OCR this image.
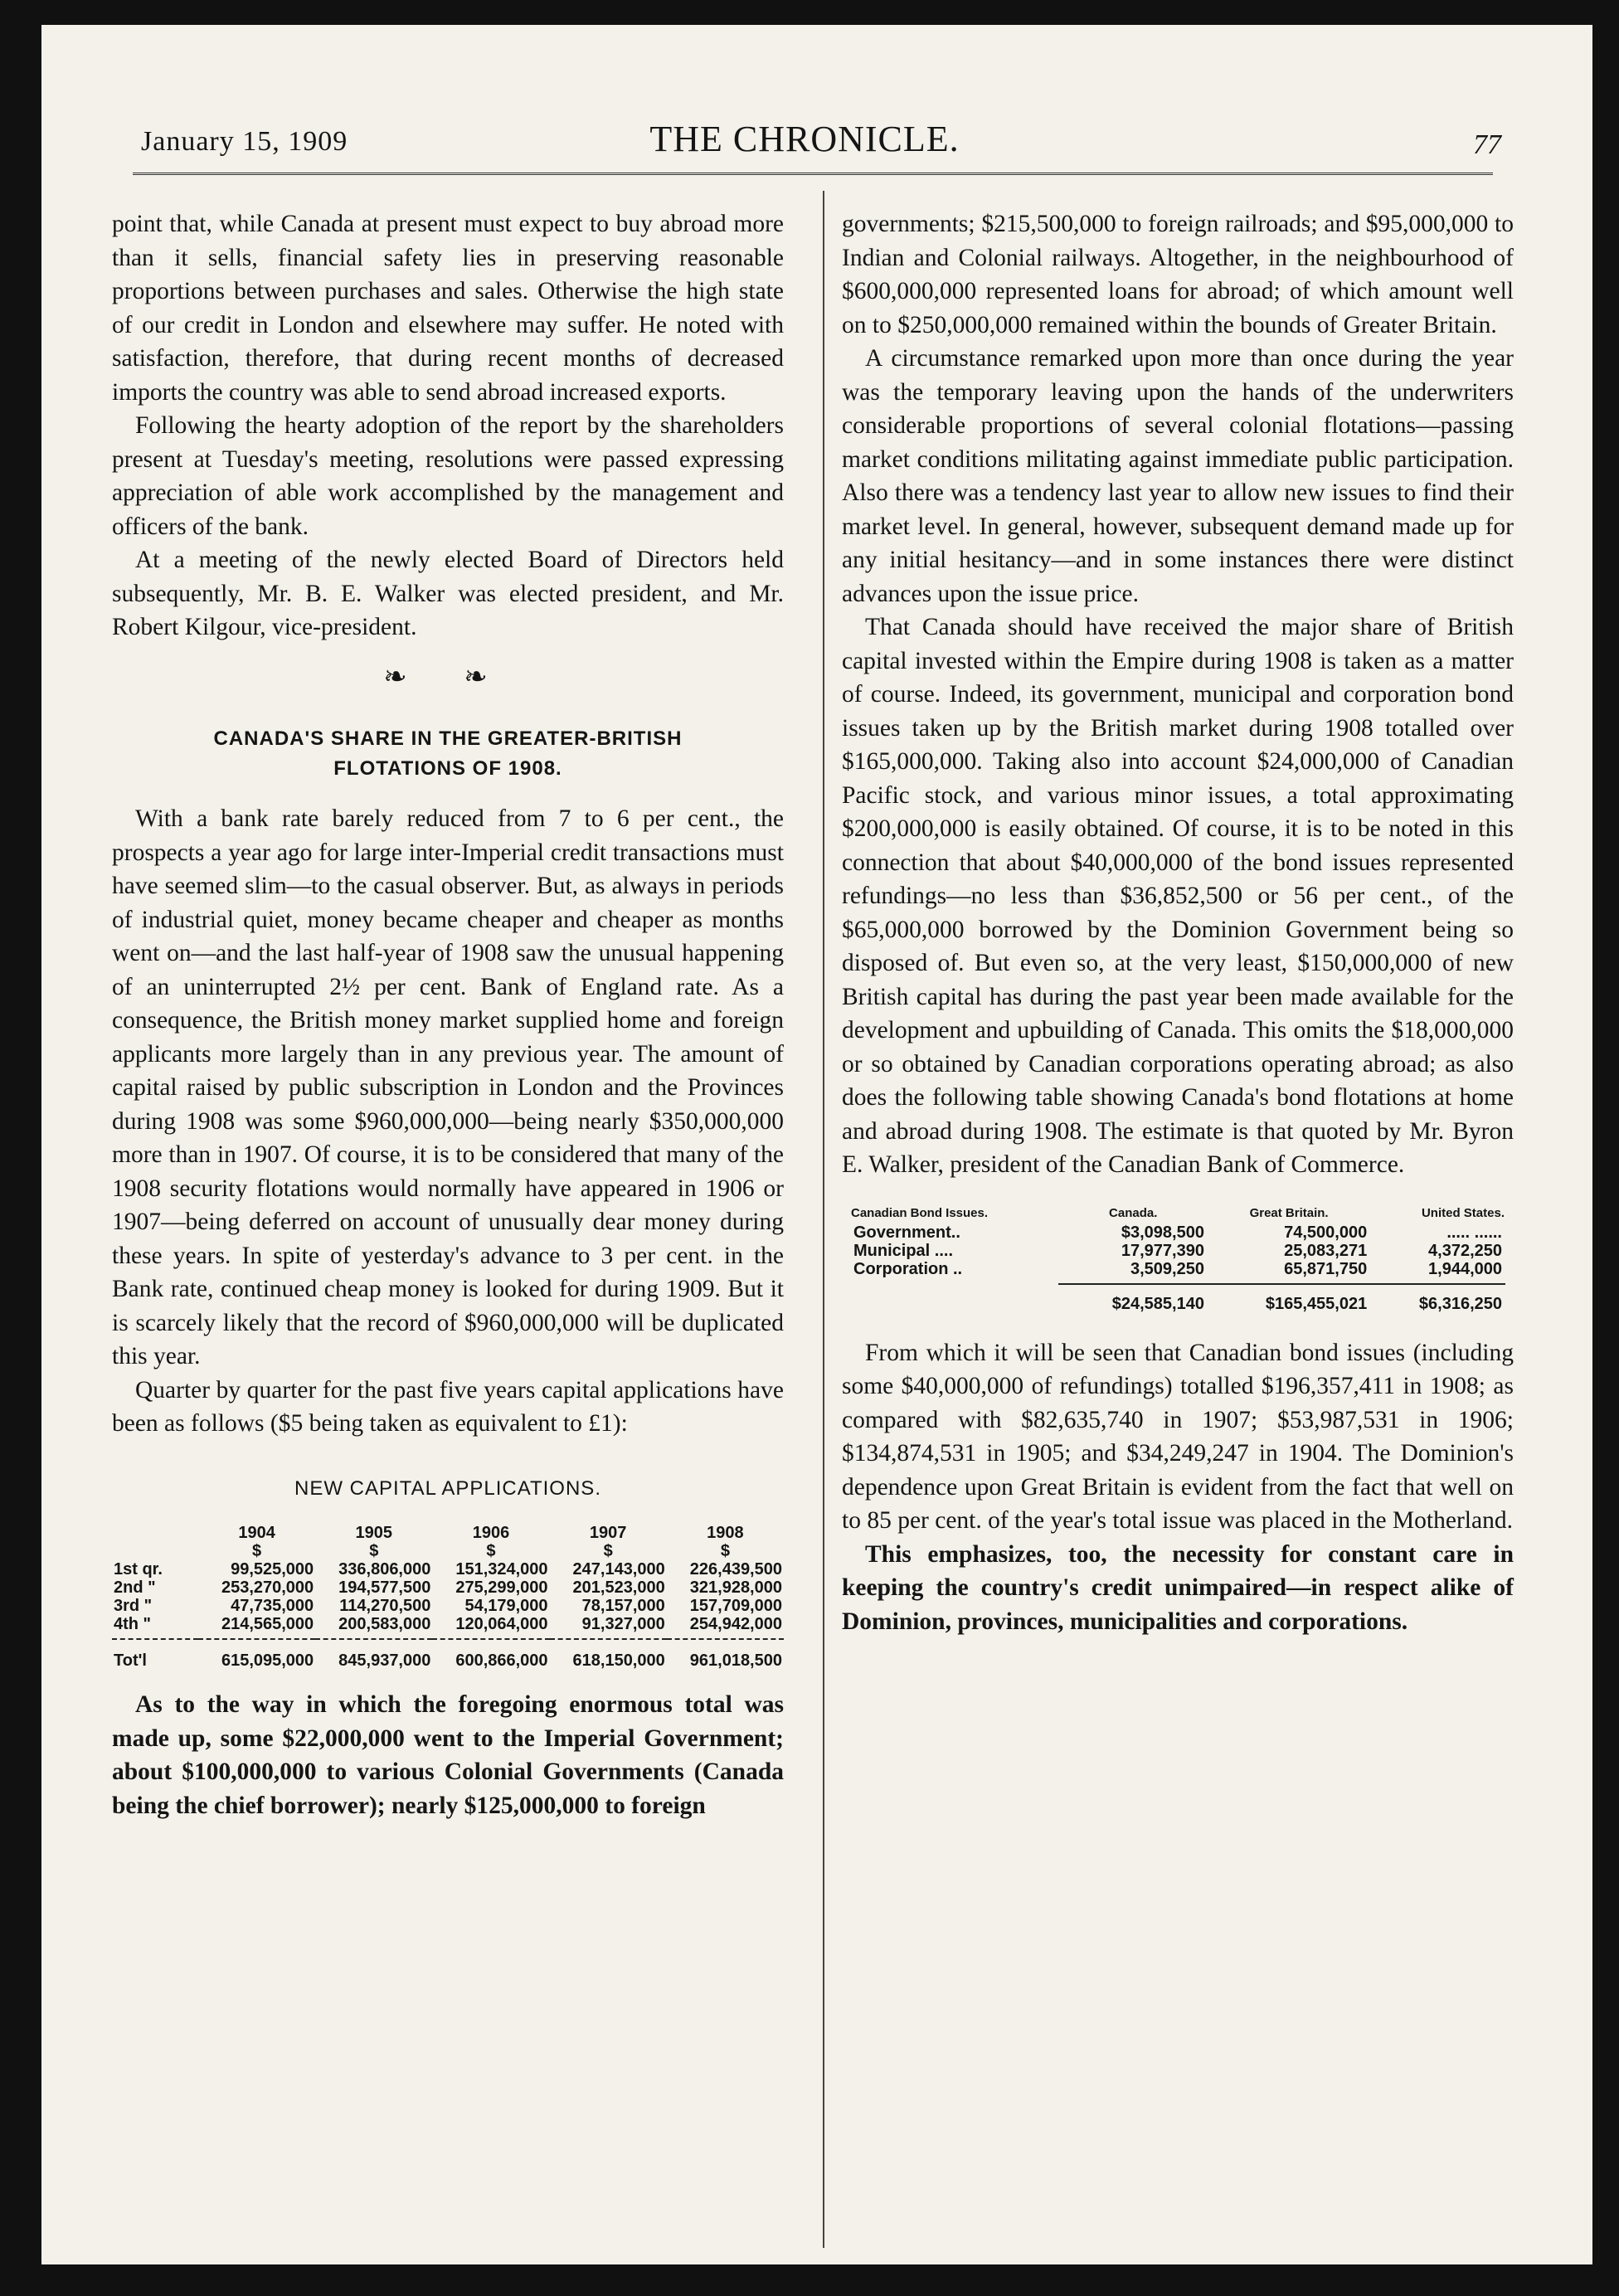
January 15, 1909	THE CHRONICLE.	77

point that, while Canada at present must expect to buy abroad more than it sells, financial safety lies in preserving reasonable proportions between purchases and sales. Otherwise the high state of our credit in London and elsewhere may suffer. He noted with satisfaction, therefore, that during recent months of decreased imports the country was able to send abroad increased exports.

Following the hearty adoption of the report by the shareholders present at Tuesday's meeting, resolutions were passed expressing appreciation of able work accomplished by the management and officers of the bank.

At a meeting of the newly elected Board of Directors held subsequently, Mr. B. E. Walker was elected president, and Mr. Robert Kilgour, vice-president.

❧ ❧
CANADA'S SHARE IN THE GREATER-BRITISH
FLOTATIONS OF 1908.

With a bank rate barely reduced from 7 to 6 per cent., the prospects a year ago for large inter-Imperial credit transactions must have seemed slim—to the casual observer. But, as always in periods of industrial quiet, money became cheaper and cheaper as months went on—and the last half-year of 1908 saw the unusual happening of an uninterrupted 2½ per cent. Bank of England rate. As a consequence, the British money market supplied home and foreign applicants more largely than in any previous year. The amount of capital raised by public subscription in London and the Provinces during 1908 was some $960,000,000—being nearly $350,000,000 more than in 1907. Of course, it is to be considered that many of the 1908 security flotations would normally have appeared in 1906 or 1907—being deferred on account of unusually dear money during these years. In spite of yesterday's advance to 3 per cent. in the Bank rate, continued cheap money is looked for during 1909. But it is scarcely likely that the record of $960,000,000 will be duplicated this year.

Quarter by quarter for the past five years capital applications have been as follows ($5 being taken as equivalent to £1):

NEW CAPITAL APPLICATIONS.
	1904	1905	1906	1907	1908
	$	$	$	$	$
1st qr.	99,525,000	336,806,000	151,324,000	247,143,000	226,439,500
2nd "	253,270,000	194,577,500	275,299,000	201,523,000	321,928,000
3rd "	47,735,000	114,270,500	54,179,000	78,157,000	157,709,000
4th "	214,565,000	200,583,000	120,064,000	91,327,000	254,942,000

Tot'l	615,095,000	845,937,000	600,866,000	618,150,000	961,018,500

As to the way in which the foregoing enormous total was made up, some $22,000,000 went to the Imperial Government; about $100,000,000 to various Colonial Governments (Canada being the chief borrower); nearly $125,000,000 to foreign

governments; $215,500,000 to foreign railroads; and $95,000,000 to Indian and Colonial railways. Altogether, in the neighbourhood of $600,000,000 represented loans for abroad; of which amount well on to $250,000,000 remained within the bounds of Greater Britain.

A circumstance remarked upon more than once during the year was the temporary leaving upon the hands of the underwriters considerable proportions of several colonial flotations—passing market conditions militating against immediate public participation. Also there was a tendency last year to allow new issues to find their market level. In general, however, subsequent demand made up for any initial hesitancy—and in some instances there were distinct advances upon the issue price.

That Canada should have received the major share of British capital invested within the Empire during 1908 is taken as a matter of course. Indeed, its government, municipal and corporation bond issues taken up by the British market during 1908 totalled over $165,000,000. Taking also into account $24,000,000 of Canadian Pacific stock, and various minor issues, a total approximating $200,000,000 is easily obtained. Of course, it is to be noted in this connection that about $40,000,000 of the bond issues represented refundings—no less than $36,852,500 or 56 per cent., of the $65,000,000 borrowed by the Dominion Government being so disposed of. But even so, at the very least, $150,000,000 of new British capital has during the past year been made available for the development and upbuilding of Canada. This omits the $18,000,000 or so obtained by Canadian corporations operating abroad; as also does the following table showing Canada's bond flotations at home and abroad during 1908. The estimate is that quoted by Mr. Byron E. Walker, president of the Canadian Bank of Commerce.

Canadian Bond Issues.	Canada.	Great Britain.	United States.
Government..	$3,098,500	74,500,000	..... ......
Municipal ....	17,977,390	25,083,271	4,372,250
Corporation ..	3,509,250	65,871,750	1,944,000

	$24,585,140	$165,455,021	$6,316,250

From which it will be seen that Canadian bond issues (including some $40,000,000 of refundings) totalled $196,357,411 in 1908; as compared with $82,635,740 in 1907; $53,987,531 in 1906; $134,874,531 in 1905; and $34,249,247 in 1904. The Dominion's dependence upon Great Britain is evident from the fact that well on to 85 per cent. of the year's total issue was placed in the Motherland.

This emphasizes, too, the necessity for constant care in keeping the country's credit unimpaired—in respect alike of Dominion, provinces, municipalities and corporations.
